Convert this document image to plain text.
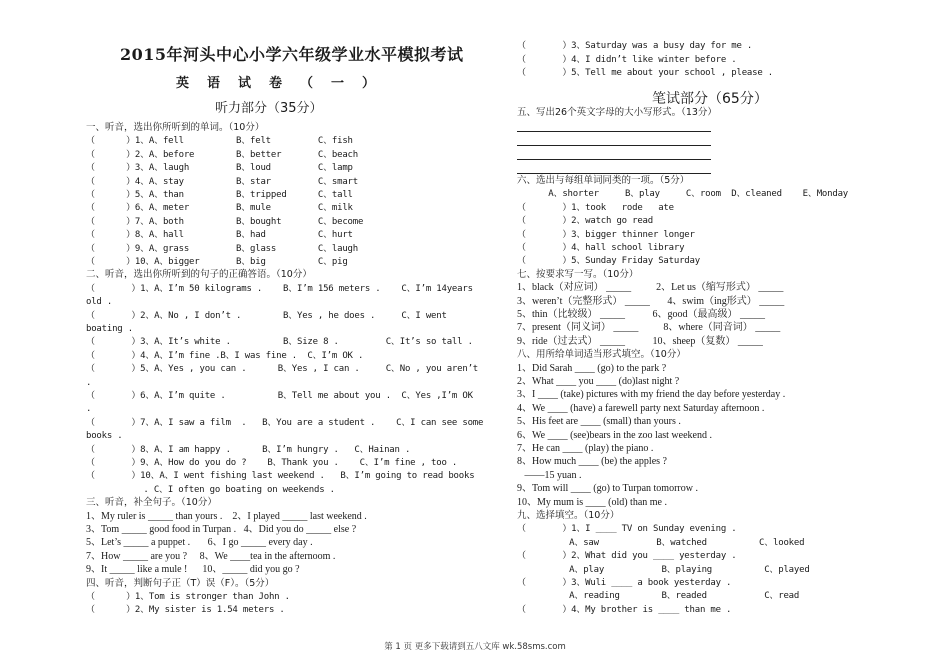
2015年河头中心小学六年级学业水平模拟考试
英语试卷（一）
听力部分（35分）
笔试部分（65分）
一、听音，选出你所听到的单词。（10分）
（      ）1、A、fell          B、felt         C、fish
（      ）2、A、before        B、better       C、beach
（      ）3、A、laugh         B、loud         C、lamp
（      ）4、A、stay          B、star         C、smart
（      ）5、A、than          B、tripped      C、tall
（      ）6、A、meter         B、mule         C、milk
（      ）7、A、both          B、bought       C、become
（      ）8、A、hall          B、had          C、hurt
（      ）9、A、grass         B、glass        C、laugh
（      ）10、A、bigger       B、big          C、pig
二、听音，选出你所听到的句子的正确答语。（10分）
（       ）1、A、I’m 50 kilograms .    B、I’m 156 meters .    C、I’m 14years
old .
（       ）2、A、No , I don’t .        B、Yes , he does .     C、I went
boating .
（       ）3、A、It’s white .          B、Size 8 .         C、It’s so tall .
（       ）4、A、I’m fine .B、I was fine .  C、I’m OK .
（       ）5、A、Yes , you can .      B、Yes , I can .     C、No , you aren’t
.
（       ）6、A、I’m quite .          B、Tell me about you .  C、Yes ,I’m OK
.
（       ）7、A、I saw a film  .   B、You are a student .    C、I can see some
books .
（       ）8、A、I am happy .      B、I’m hungry .   C、Hainan .
（       ）9、A、How do you do ?    B、Thank you .    C、I’m fine , too .
（       ）10、A、I went fishing last weekend .   B、I’m going to read books
. C、I often go boating on weekends .
三、听音，补全句子。（10分）
1、My ruler is _____ than yours .    2、I played _____ last weekend .
3、Tom _____ good food in Turpan .   4、Did you do _____ else ?
5、Let’s _____ a puppet .       6、I go _____ every day .
7、How _____ are you ?     8、We ____tea in the afternoom .
9、It _____ like a mule !      10、_____ did you go ?
四、听音，判断句子正（T）误（F）。（5分）
（      ）1、Tom is stronger than John .
（      ）2、My sister is 1.54 meters .
（       ）3、Saturday was a busy day for me .
（       ）4、I didn’t like winter before .
（       ）5、Tell me about your school , please .
五、写出26个英文字母的大小写形式。（13分）
六、选出与每组单词同类的一项。（5分）
A、shorter     B、play     C、room  D、cleaned    E、Monday
（       ）1、took   rode   ate
（       ）2、watch go read
（       ）3、bigger thinner longer
（       ）4、hall school library
（       ）5、Sunday Friday Saturday
七、按要求写一写。（10分）
1、black（对应词） _____          2、Let us（缩写形式） _____
3、weren’t（完整形式） _____       4、swim（ing形式） _____
5、thin（比较级） _____           6、good（最高级） _____
7、present（同义词） _____          8、where（同音词） _____
9、ride（过去式） _____           10、sheep（复数） _____
八、用所给单词适当形式填空。（10分）
1、Did Sarah ____ (go) to the park ?
2、What ____ you ____ (do)last night ?
3、I ____ (take) pictures with my friend the day before yesterday .
4、We ____ (have) a farewell party next Saturday afternoon .
5、His feet are ____ (small) than yours .
6、We ____ (see)bears in the zoo last weekend .
7、He can ____ (play) the piano .
8、How much ____ (be) the apples ?
——15 yuan .
9、Tom will ____ (go) to Turpan tomorrow .
10、My mum is ____ (old) than me .
九、选择填空。（10分）
（       ）1、I ____ TV on Sunday evening .
A、saw           B、watched          C、looked
（       ）2、What did you ____ yesterday .
A、play           B、playing          C、played
（       ）3、Wuli ____ a book yesterday .
A、reading        B、readed           C、read
（       ）4、My brother is ____ than me .
第 1 页 更多下载请到五八文库 wk.58sms.com
